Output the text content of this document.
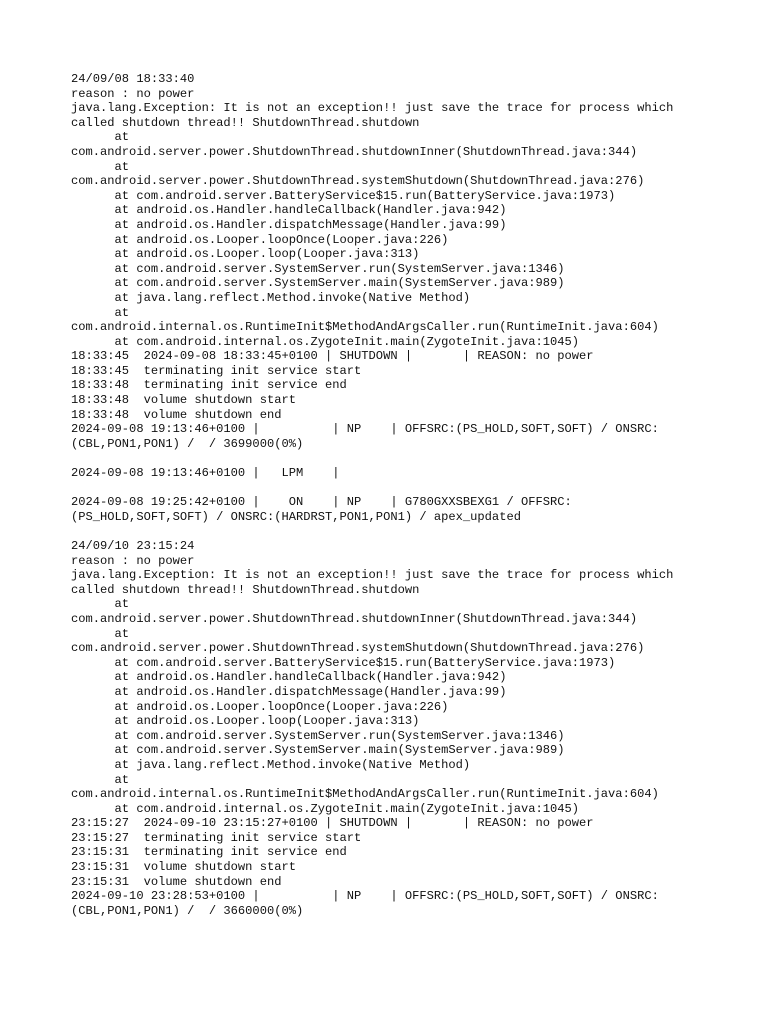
24/09/08 18:33:40
reason : no power
java.lang.Exception: It is not an exception!! just save the trace for process which
called shutdown thread!! ShutdownThread.shutdown
at
com.android.server.power.ShutdownThread.shutdownInner(ShutdownThread.java:344)
at
com.android.server.power.ShutdownThread.systemShutdown(ShutdownThread.java:276)
at com.android.server.BatteryService$15.run(BatteryService.java:1973)
at android.os.Handler.handleCallback(Handler.java:942)
at android.os.Handler.dispatchMessage(Handler.java:99)
at android.os.Looper.loopOnce(Looper.java:226)
at android.os.Looper.loop(Looper.java:313)
at com.android.server.SystemServer.run(SystemServer.java:1346)
at com.android.server.SystemServer.main(SystemServer.java:989)
at java.lang.reflect.Method.invoke(Native Method)
at
com.android.internal.os.RuntimeInit$MethodAndArgsCaller.run(RuntimeInit.java:604)
at com.android.internal.os.ZygoteInit.main(ZygoteInit.java:1045)
18:33:45  2024-09-08 18:33:45+0100 | SHUTDOWN |       | REASON: no power
18:33:45  terminating init service start
18:33:48  terminating init service end
18:33:48  volume shutdown start
18:33:48  volume shutdown end
2024-09-08 19:13:46+0100 |          | NP    | OFFSRC:(PS_HOLD,SOFT,SOFT) / ONSRC:
(CBL,PON1,PON1) /  / 3699000(0%)
2024-09-08 19:13:46+0100 |   LPM    |
2024-09-08 19:25:42+0100 |    ON    | NP    | G780GXXSBEXG1 / OFFSRC:
(PS_HOLD,SOFT,SOFT) / ONSRC:(HARDRST,PON1,PON1) / apex_updated
24/09/10 23:15:24
reason : no power
java.lang.Exception: It is not an exception!! just save the trace for process which
called shutdown thread!! ShutdownThread.shutdown
at
com.android.server.power.ShutdownThread.shutdownInner(ShutdownThread.java:344)
at
com.android.server.power.ShutdownThread.systemShutdown(ShutdownThread.java:276)
at com.android.server.BatteryService$15.run(BatteryService.java:1973)
at android.os.Handler.handleCallback(Handler.java:942)
at android.os.Handler.dispatchMessage(Handler.java:99)
at android.os.Looper.loopOnce(Looper.java:226)
at android.os.Looper.loop(Looper.java:313)
at com.android.server.SystemServer.run(SystemServer.java:1346)
at com.android.server.SystemServer.main(SystemServer.java:989)
at java.lang.reflect.Method.invoke(Native Method)
at
com.android.internal.os.RuntimeInit$MethodAndArgsCaller.run(RuntimeInit.java:604)
at com.android.internal.os.ZygoteInit.main(ZygoteInit.java:1045)
23:15:27  2024-09-10 23:15:27+0100 | SHUTDOWN |       | REASON: no power
23:15:27  terminating init service start
23:15:31  terminating init service end
23:15:31  volume shutdown start
23:15:31  volume shutdown end
2024-09-10 23:28:53+0100 |          | NP    | OFFSRC:(PS_HOLD,SOFT,SOFT) / ONSRC:
(CBL,PON1,PON1) /  / 3660000(0%)
